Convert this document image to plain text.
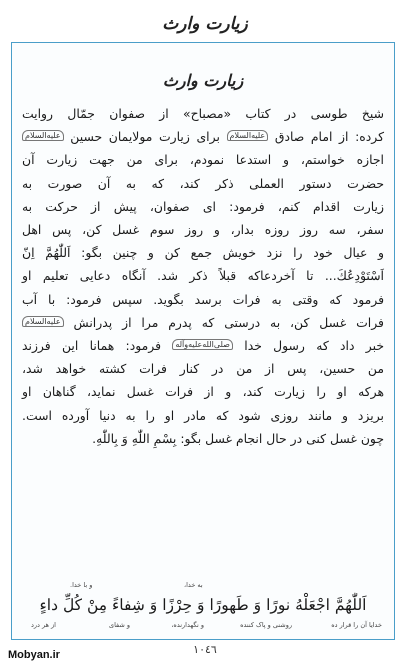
زیارت وارث
زیارت وارث

شیخ طوسی در کتاب «مصباح» از صفوان جمّال روایت

کرده: از امام صادق عليه‌السلام برای زیارت مولایمان حسین عليه‌السلام

اجازه خواستم، و استدعا نمودم، برای من جهت زیارت آن

حضرت دستور العملی ذکر کند، که به آن صورت به

زیارت اقدام کنم، فرمود: ای صفوان، پیش از حرکت به

سفر، سه روز روزه بدار، و روز سوم غسل کن، پس اهل

و عیال خود را نزد خویش جمع کن و چنین بگو: اَللّٰهُمَّ اِنّ

اَسْتَوْدِعُكَ... تا آخردعاکه قبلاً ذکر شد. آنگاه دعایی تعلیم او

فرمود که وقتی به فرات برسد بگوید. سپس فرمود: با آب

فرات غسل کن، به درستی که پدرم مرا از پدرانش عليه‌السلام

خبر داد که رسول خدا صلی‌الله‌علیه‌وآله فرمود: همانا این فرزند

من حسین، پس از من در کنار فرات کشته خواهد شد،

هرکه او را زیارت کند، و از فرات غسل نماید، گناهان او

بریزد و مانند روزی شود که مادر او را به دنیا آورده است.

چون غسل کنی در حال انجام غسل بگو: بِسْمِ اللّٰهِ وَ بِاللّٰهِ.

به خدا،
و با خدا.
اَللّٰهُمَّ اجْعَلْهُ نورًا وَ طَهورًا وَ حِرْزًا وَ شِفاءً مِنْ كُلِّ داءٍ
خدایا آن را قرار ده
روشنی و پاک کننده
و نگهدارنده،
و شفای
از هر درد
١٠٤٦
Mobyan.ir
